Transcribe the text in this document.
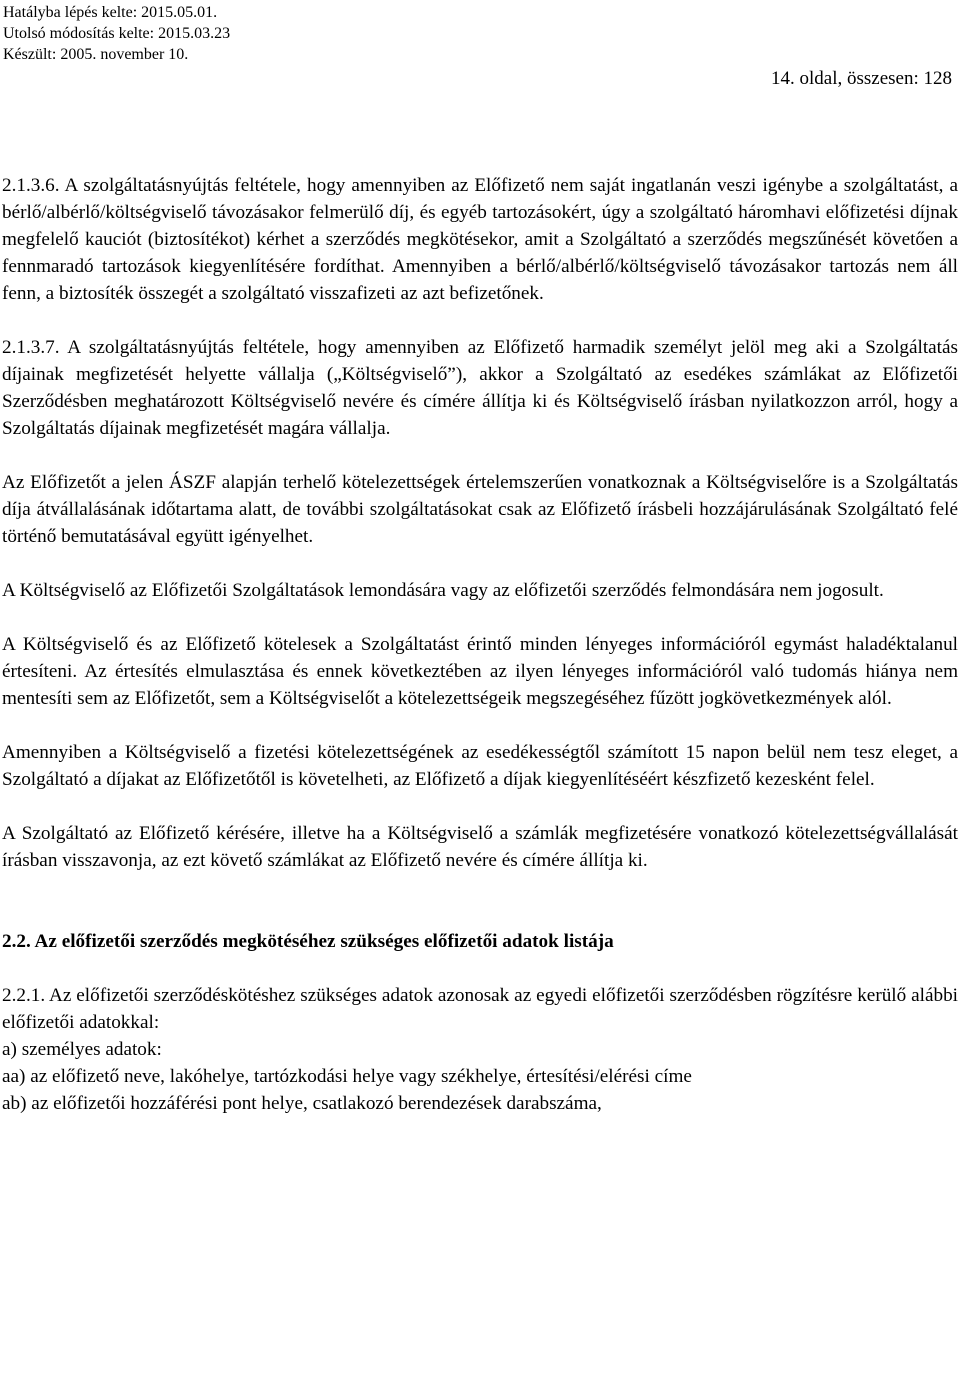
Hatályba lépés kelte: 2015.05.01.
Utolsó módosítás kelte: 2015.03.23
Készült: 2005. november 10.
14. oldal, összesen: 128

2.1.3.6. A szolgáltatásnyújtás feltétele, hogy amennyiben az Előfizető nem saját ingatlanán veszi igénybe a szolgáltatást, a bérlő/albérlő/költségviselő távozásakor felmerülő díj, és egyéb tartozásokért, úgy a szolgáltató háromhavi előfizetési díjnak megfelelő kauciót (biztosítékot) kérhet a szerződés megkötésekor, amit a Szolgáltató a szerződés megszűnését követően a fennmaradó tartozások kiegyenlítésére fordíthat. Amennyiben a bérlő/albérlő/költségviselő távozásakor tartozás nem áll fenn, a biztosíték összegét a szolgáltató visszafizeti az azt befizetőnek.

2.1.3.7. A szolgáltatásnyújtás feltétele, hogy amennyiben az Előfizető harmadik személyt jelöl meg aki a Szolgáltatás díjainak megfizetését helyette vállalja („Költségviselő”), akkor a Szolgáltató az esedékes számlákat az Előfizetői Szerződésben meghatározott Költségviselő nevére és címére állítja ki és Költségviselő írásban nyilatkozzon arról, hogy a Szolgáltatás díjainak megfizetését magára vállalja.

Az Előfizetőt a jelen ÁSZF alapján terhelő kötelezettségek értelemszerűen vonatkoznak a Költségviselőre is a Szolgáltatás díja átvállalásának időtartama alatt, de további szolgáltatásokat csak az Előfizető írásbeli hozzájárulásának Szolgáltató felé történő bemutatásával együtt igényelhet.

A Költségviselő az Előfizetői Szolgáltatások lemondására vagy az előfizetői szerződés felmondására nem jogosult.

A Költségviselő és az Előfizető kötelesek a Szolgáltatást érintő minden lényeges információról egymást haladéktalanul értesíteni. Az értesítés elmulasztása és ennek következtében az ilyen lényeges információról való tudomás hiánya nem mentesíti sem az Előfizetőt, sem a Költségviselőt a kötelezettségeik megszegéséhez fűzött jogkövetkezmények alól.

Amennyiben a Költségviselő a fizetési kötelezettségének az esedékességtől számított 15 napon belül nem tesz eleget, a Szolgáltató a díjakat az Előfizetőtől is követelheti, az Előfizető a díjak kiegyenlítéséért készfizető kezesként felel.

A Szolgáltató az Előfizető kérésére, illetve ha a Költségviselő a számlák megfizetésére vonatkozó kötelezettségvállalását írásban visszavonja, az ezt követő számlákat az Előfizető nevére és címére állítja ki.

2.2. Az előfizetői szerződés megkötéséhez szükséges előfizetői adatok listája

2.2.1. Az előfizetői szerződéskötéshez szükséges adatok azonosak az egyedi előfizetői szerződésben rögzítésre kerülő alábbi előfizetői adatokkal:

a) személyes adatok:
aa) az előfizető neve, lakóhelye, tartózkodási helye vagy székhelye, értesítési/elérési címe
ab) az előfizetői hozzáférési pont helye, csatlakozó berendezések darabszáma,
